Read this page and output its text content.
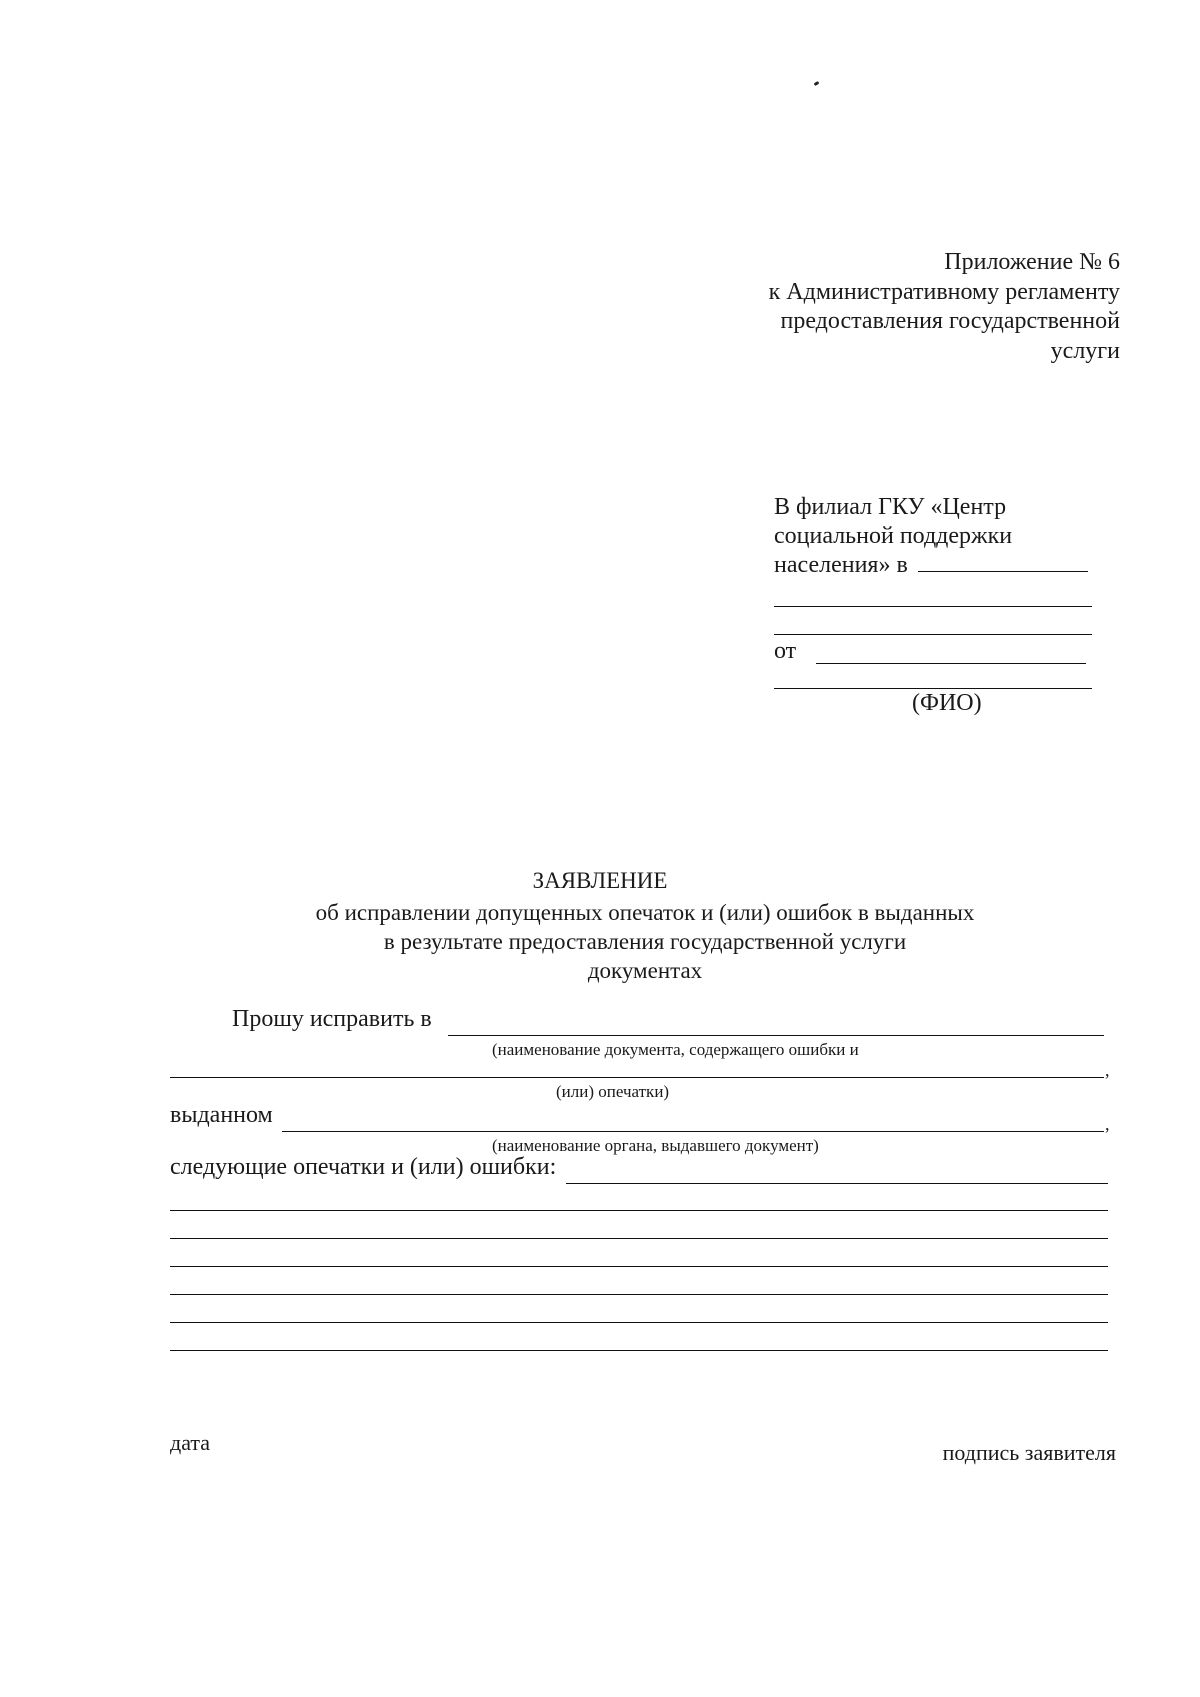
Приложение № 6
к Административному регламенту
предоставления государственной
услуги
В филиал ГКУ «Центр
социальной поддержки
населения» в
от
(ФИО)
ЗАЯВЛЕНИЕ
об исправлении допущенных опечаток и (или) ошибок в выданных
в результате предоставления государственной услуги
документах
Прошу исправить в
(наименование документа, содержащего ошибки и
,
(или) опечатки)
выданном	,
(наименование органа, выдавшего документ)
следующие опечатки и (или) ошибки:
дата	подпись заявителя
